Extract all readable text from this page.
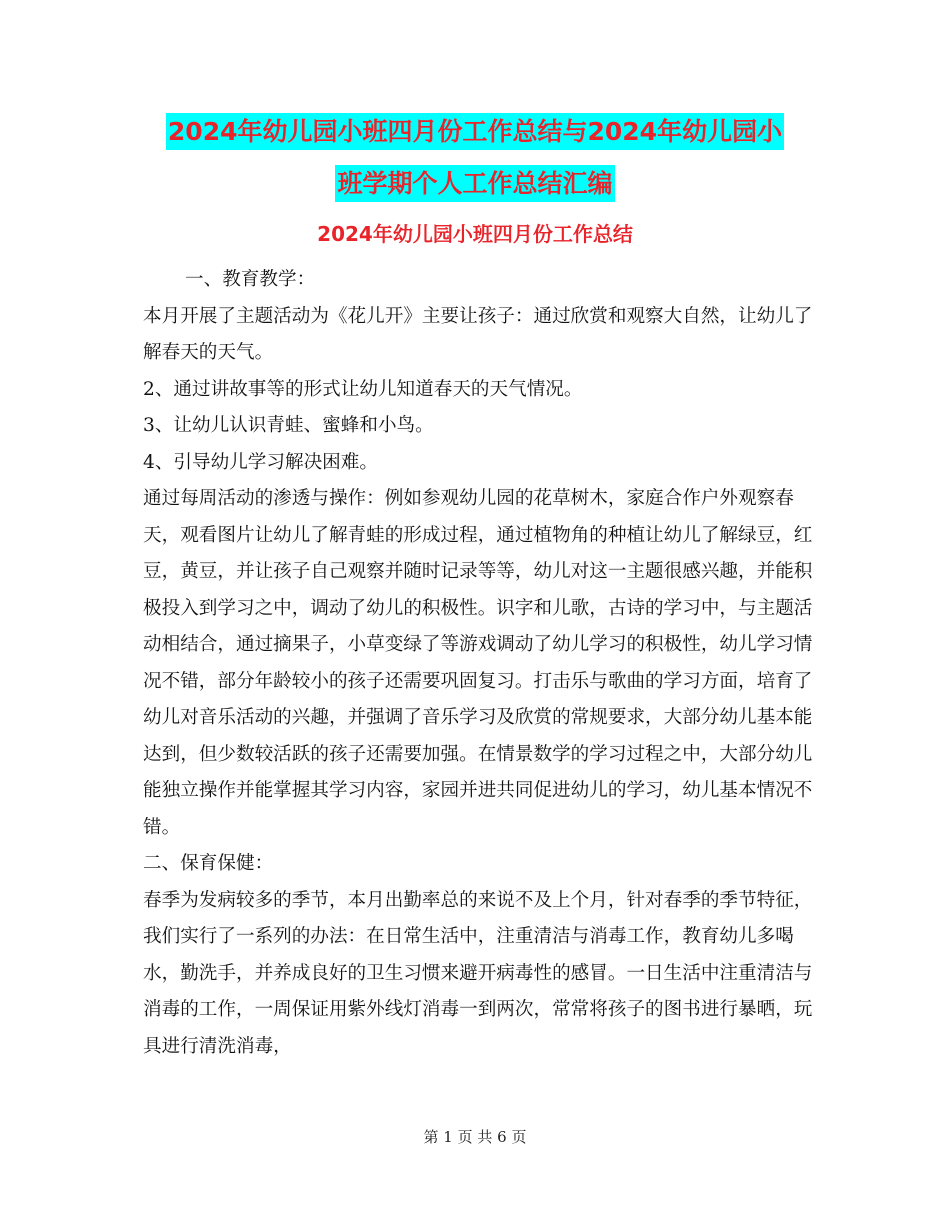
2024年幼儿园小班四月份工作总结与2024年幼儿园小
班学期个人工作总结汇编
2024年幼儿园小班四月份工作总结

一、教育教学：

本月开展了主题活动为《花儿开》主要让孩子：通过欣赏和观察大自然，让幼儿了解春天的天气。

2、通过讲故事等的形式让幼儿知道春天的天气情况。

3、让幼儿认识青蛙、蜜蜂和小鸟。

4、引导幼儿学习解决困难。

通过每周活动的渗透与操作：例如参观幼儿园的花草树木，家庭合作户外观察春天，观看图片让幼儿了解青蛙的形成过程，通过植物角的种植让幼儿了解绿豆，红豆，黄豆，并让孩子自己观察并随时记录等等，幼儿对这一主题很感兴趣，并能积极投入到学习之中，调动了幼儿的积极性。识字和儿歌，古诗的学习中，与主题活动相结合，通过摘果子，小草变绿了等游戏调动了幼儿学习的积极性，幼儿学习情况不错，部分年龄较小的孩子还需要巩固复习。打击乐与歌曲的学习方面，培育了幼儿对音乐活动的兴趣，并强调了音乐学习及欣赏的常规要求，大部分幼儿基本能达到，但少数较活跃的孩子还需要加强。在情景数学的学习过程之中，大部分幼儿能独立操作并能掌握其学习内容，家园并进共同促进幼儿的学习，幼儿基本情况不错。

二、保育保健：

春季为发病较多的季节，本月出勤率总的来说不及上个月，针对春季的季节特征，我们实行了一系列的办法：在日常生活中，注重清洁与消毒工作，教育幼儿多喝水，勤洗手，并养成良好的卫生习惯来避开病毒性的感冒。一日生活中注重清洁与消毒的工作，一周保证用紫外线灯消毒一到两次，常常将孩子的图书进行暴晒，玩具进行清洗消毒，

第 1 页 共 6 页
